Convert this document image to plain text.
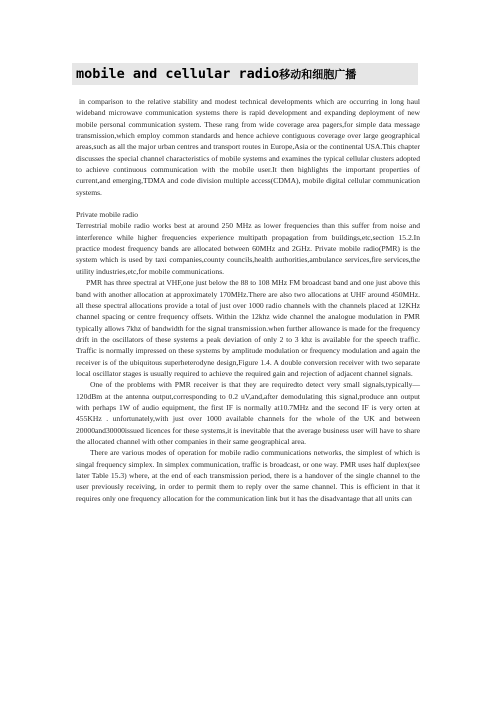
mobile and cellular radio移动和细胞广播

in comparison to the relative stability and modest technical developments which are occurring in long haul wideband microwave communication systems there is rapid development and expanding deployment of new mobile personal communication system. These rang from wide coverage area pagers,for simple data message transmission,which employ common standards and hence achieve contiguous coverage over large geographical areas,such as all the major urban centres and transport routes in Europe,Asia or the continental USA.This chapter discusses the special channel characteristics of mobile systems and examines the typical cellular clusters adopted to achieve continuous communication with the mobile user.It then highlights the important properties of current,and emerging,TDMA and code division multiple access(CDMA), mobile digital cellular communication systems.

Private mobile radio

Terrestrial mobile radio works best at around 250 MHz as lower frequencies than this suffer from noise and interference while higher frequencies experience multipath propagation from buildings,etc,section 15.2.In practice modest frequency bands are allocated between 60MHz and 2GHz. Private mobile radio(PMR) is the system which is used by taxi companies,county councils,health authorities,ambulance services,fire services,the utility industries,etc,for mobile communications.

PMR has three spectral at VHF,one just below the 88 to 108 MHz FM broadcast band and one just above this band with another allocation at approximately 170MHz.There are also two allocations at UHF around 450MHz. all these spectral allocations provide a total of just over 1000 radio channels with the channels placed at 12KHz channel spacing or centre frequency offsets. Within the 12khz wide channel the analogue modulation in PMR typically allows 7khz of bandwidth for the signal transmission.when further allowance is made for the frequency drift in the oscillators of these systems a peak deviation of only 2 to 3 khz is available for the speech traffic. Traffic is normally impressed on these systems by amplitude modulation or frequency modulation and again the receiver is of the ubiquitous superheterodyne design,Figure 1.4. A double conversion receiver with two separate local oscillator stages is usually required to achieve the required gain and rejection of adjacent channel signals.

One of the problems with PMR receiver is that they are requiredto detect very small signals,typically—120dBm at the antenna output,corresponding to 0.2 uV,and,after demodulating this signal,produce ann output with perhaps 1W of audio equipment, the first IF is normally at10.7MHz and the second IF is very orten at 455KHz . unfortunately,with just over 1000 available channels for the whole of the UK and between 20000and30000issued licences for these systems,it is inevitable that the average business user will have to share the allocated channel with other companies in their same geographical area.

There are various modes of operation for mobile radio communications networks, the simplest of which is singal frequency simplex. In simplex communication, traffic is broadcast, or one way. PMR uses half duplex(see later Table 15.3) where, at the end of each transmission period, there is a handover of the single channel to the user previously receiving, in order to permit them to reply over the same channel. This is efficient in that it requires only one frequency allocation for the communication link but it has the disadvantage that all units can
